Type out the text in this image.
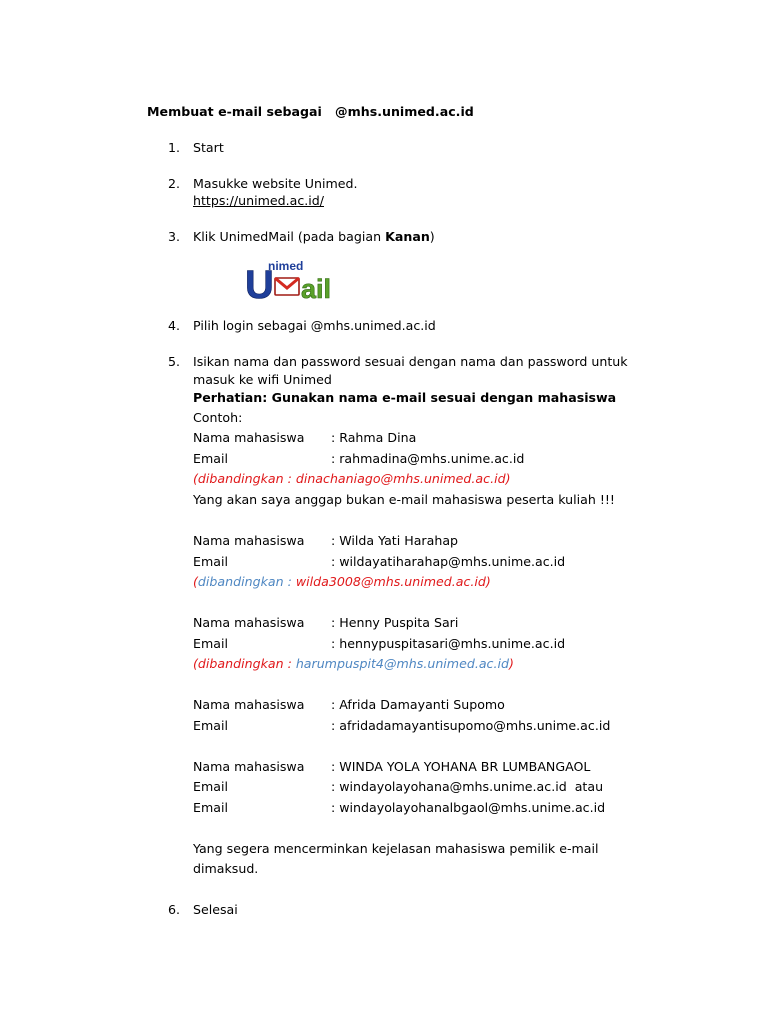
Membuat e-mail sebagai   @mhs.unimed.ac.id
1. Start
2. Masukke website Unimed.
https://unimed.ac.id/
3. Klik UnimedMail (pada bagian Kanan)
nimed
U ail
4. Pilih login sebagai @mhs.unimed.ac.id
5. Isikan nama dan password sesuai dengan nama dan password untuk
masuk ke wifi Unimed
Perhatian: Gunakan nama e-mail sesuai dengan mahasiswa
Contoh:
Nama mahasiswa : Rahma Dina
Email	: rahmadina@mhs.unime.ac.id
(dibandingkan : dinachaniago@mhs.unimed.ac.id)
Yang akan saya anggap bukan e-mail mahasiswa peserta kuliah !!!
Nama mahasiswa : Wilda Yati Harahap
Email	: wildayatiharahap@mhs.unime.ac.id
(dibandingkan : wilda3008@mhs.unimed.ac.id)
Nama mahasiswa : Henny Puspita Sari
Email	: hennypuspitasari@mhs.unime.ac.id
(dibandingkan : harumpuspit4@mhs.unimed.ac.id)
Nama mahasiswa : Afrida Damayanti Supomo
Email	: afridadamayantisupomo@mhs.unime.ac.id
Nama mahasiswa : WINDA YOLA YOHANA BR LUMBANGAOL
Email	: windayolayohana@mhs.unime.ac.id  atau
Email	: windayolayohanalbgaol@mhs.unime.ac.id
Yang segera mencerminkan kejelasan mahasiswa pemilik e-mail
dimaksud.
6. Selesai
